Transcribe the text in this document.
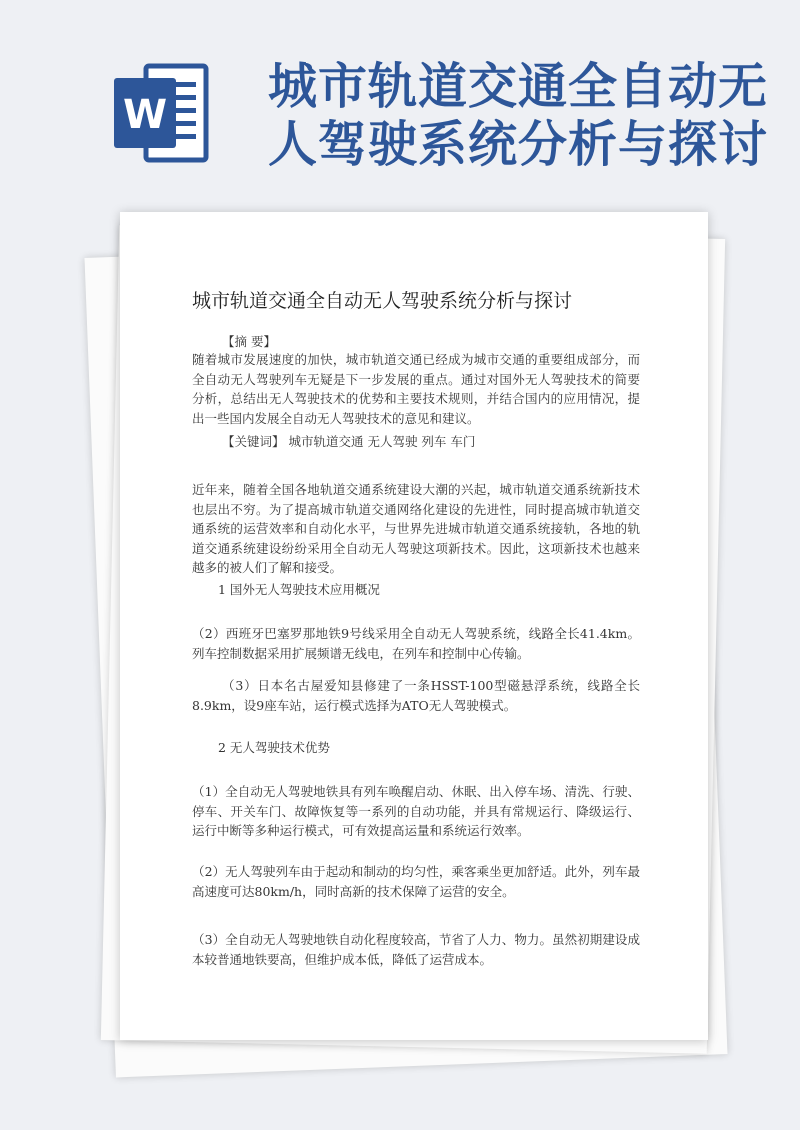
W 城市轨道交通全自动无
人驾驶系统分析与探讨
城市轨道交通全自动无人驾驶系统分析与探讨
【摘 要】
随着城市发展速度的加快，城市轨道交通已经成为城市交通的重要组成部分，而全自动无人驾驶列车无疑是下一步发展的重点。通过对国外无人驾驶技术的简要分析，总结出无人驾驶技术的优势和主要技术规则，并结合国内的应用情况，提出一些国内发展全自动无人驾驶技术的意见和建议。
【关键词】 城市轨道交通 无人驾驶 列车 车门
近年来，随着全国各地轨道交通系统建设大潮的兴起，城市轨道交通系统新技术也层出不穷。为了提高城市轨道交通网络化建设的先进性，同时提高城市轨道交通系统的运营效率和自动化水平，与世界先进城市轨道交通系统接轨，各地的轨道交通系统建设纷纷采用全自动无人驾驶这项新技术。因此，这项新技术也越来越多的被人们了解和接受。
1 国外无人驾驶技术应用概况
（2）西班牙巴塞罗那地铁9号线采用全自动无人驾驶系统，线路全长41.4km。列车控制数据采用扩展频谱无线电，在列车和控制中心传输。
（3）日本名古屋爱知县修建了一条HSST-100型磁悬浮系统，线路全长8.9km，设9座车站，运行模式选择为ATO无人驾驶模式。
2 无人驾驶技术优势
（1）全自动无人驾驶地铁具有列车唤醒启动、休眠、出入停车场、清洗、行驶、停车、开关车门、故障恢复等一系列的自动功能，并具有常规运行、降级运行、运行中断等多种运行模式，可有效提高运量和系统运行效率。
（2）无人驾驶列车由于起动和制动的均匀性，乘客乘坐更加舒适。此外，列车最高速度可达80km/h，同时高新的技术保障了运营的安全。
（3）全自动无人驾驶地铁自动化程度较高，节省了人力、物力。虽然初期建设成本较普通地铁要高，但维护成本低，降低了运营成本。
